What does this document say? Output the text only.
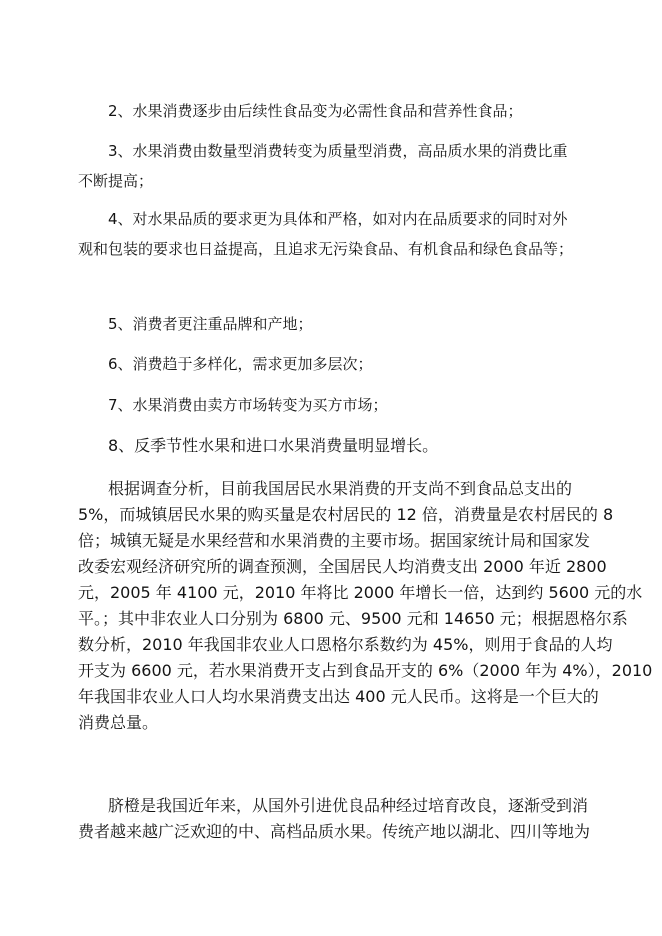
2、水果消费逐步由后续性食品变为必需性食品和营养性食品；
3、水果消费由数量型消费转变为质量型消费，高品质水果的消费比重
不断提高；
4、对水果品质的要求更为具体和严格，如对内在品质要求的同时对外
观和包装的要求也日益提高，且追求无污染食品、有机食品和绿色食品等；
5、消费者更注重品牌和产地；
6、消费趋于多样化，需求更加多层次；
7、水果消费由卖方市场转变为买方市场；
8、反季节性水果和进口水果消费量明显增长。
根据调查分析，目前我国居民水果消费的开支尚不到食品总支出的
5%，而城镇居民水果的购买量是农村居民的 12 倍，消费量是农村居民的 8
倍；城镇无疑是水果经营和水果消费的主要市场。据国家统计局和国家发
改委宏观经济研究所的调查预测，全国居民人均消费支出 2000 年近 2800
元，2005 年 4100 元，2010 年将比 2000 年增长一倍，达到约 5600 元的水
平。；其中非农业人口分别为 6800 元、9500 元和 14650 元；根据恩格尔系
数分析，2010 年我国非农业人口恩格尔系数约为 45%，则用于食品的人均
开支为 6600 元，若水果消费开支占到食品开支的 6%（2000 年为 4%），2010
年我国非农业人口人均水果消费支出达 400 元人民币。这将是一个巨大的
消费总量。
脐橙是我国近年来，从国外引进优良品种经过培育改良，逐渐受到消
费者越来越广泛欢迎的中、高档品质水果。传统产地以湖北、四川等地为
